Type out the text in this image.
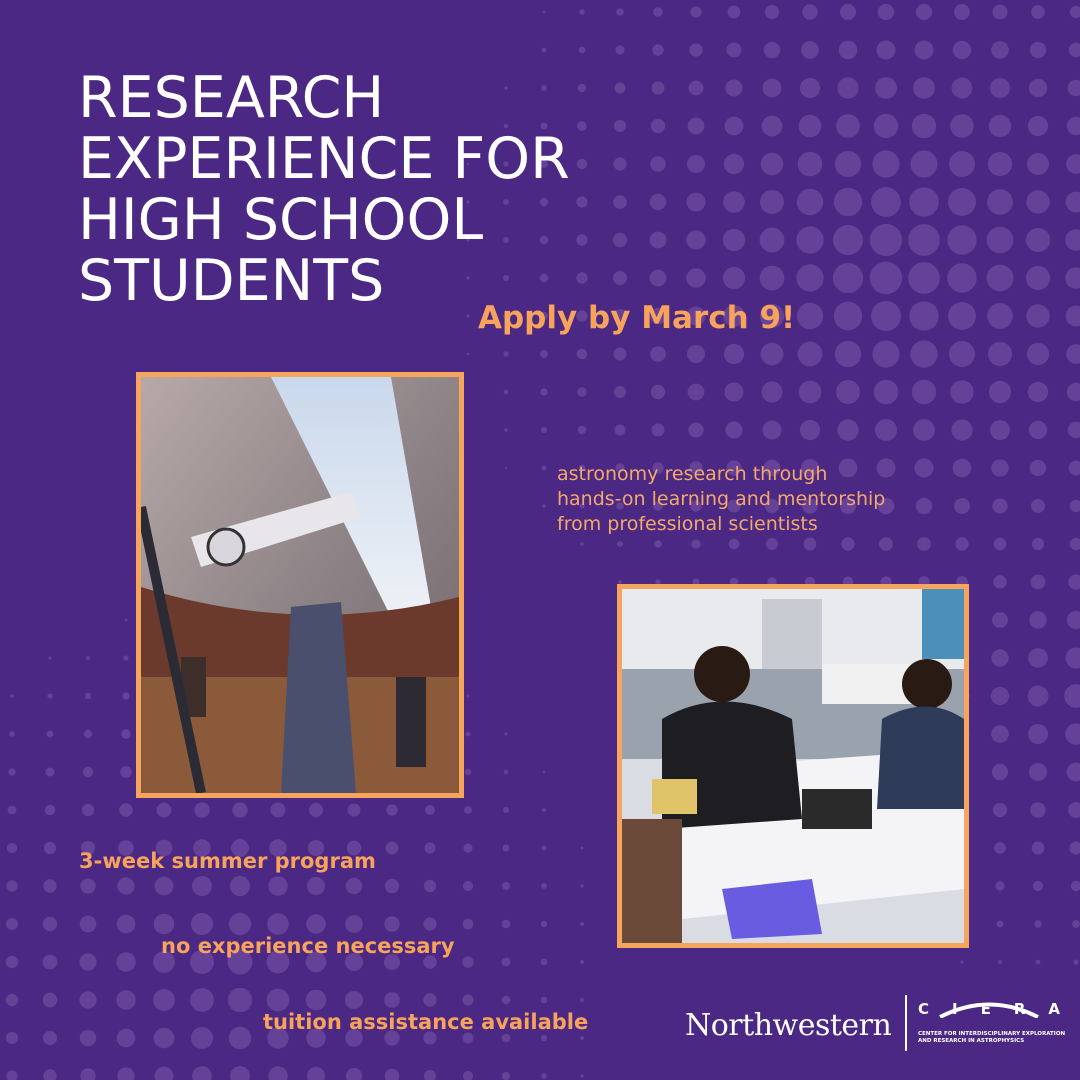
RESEARCH
EXPERIENCE FOR
HIGH SCHOOL
STUDENTS
Apply by March 9!
astronomy research through
hands-on learning and mentorship
from professional scientists
3-week summer program
no experience necessary
tuition assistance available	Northwestern C I E R A
CENTER FOR INTERDISCIPLINARY EXPLORATION
AND RESEARCH IN ASTROPHYSICS
